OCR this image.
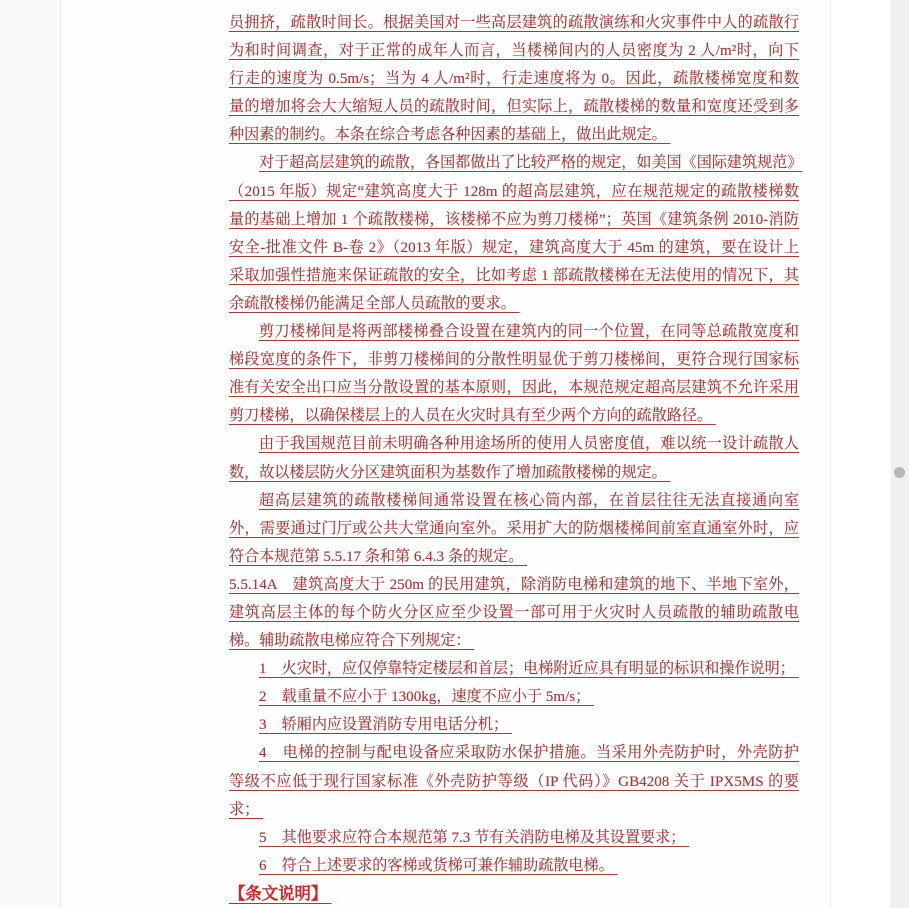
员拥挤，疏散时间长。根据美国对一些高层建筑的疏散演练和火灾事件中人的疏散行
为和时间调查，对于正常的成年人而言，当楼梯间内的人员密度为 2 人/m²时，向下
行走的速度为 0.5m/s；当为 4 人/m²时，行走速度将为 0。因此，疏散楼梯宽度和数
量的增加将会大大缩短人员的疏散时间，但实际上，疏散楼梯的数量和宽度还受到多
种因素的制约。本条在综合考虑各种因素的基础上，做出此规定。
对于超高层建筑的疏散，各国都做出了比较严格的规定，如美国《国际建筑规范》
（2015 年版）规定“建筑高度大于 128m 的超高层建筑，应在规范规定的疏散楼梯数
量的基础上增加 1 个疏散楼梯，该楼梯不应为剪刀楼梯”；英国《建筑条例 2010-消防
安全-批准文件 B-卷 2》（2013 年版）规定，建筑高度大于 45m 的建筑，要在设计上
采取加强性措施来保证疏散的安全，比如考虑 1 部疏散楼梯在无法使用的情况下，其
余疏散楼梯仍能满足全部人员疏散的要求。
剪刀楼梯间是将两部楼梯叠合设置在建筑内的同一个位置，在同等总疏散宽度和
梯段宽度的条件下，非剪刀楼梯间的分散性明显优于剪刀楼梯间，更符合现行国家标
准有关安全出口应当分散设置的基本原则，因此，本规范规定超高层建筑不允许采用
剪刀楼梯，以确保楼层上的人员在火灾时具有至少两个方向的疏散路径。
由于我国规范目前未明确各种用途场所的使用人员密度值，难以统一设计疏散人
数，故以楼层防火分区建筑面积为基数作了增加疏散楼梯的规定。
超高层建筑的疏散楼梯间通常设置在核心筒内部，在首层往往无法直接通向室
外，需要通过门厅或公共大堂通向室外。采用扩大的防烟楼梯间前室直通室外时，应
符合本规范第 5.5.17 条和第 6.4.3 条的规定。
5.5.14A　建筑高度大于 250m 的民用建筑，除消防电梯和建筑的地下、半地下室外，
建筑高层主体的每个防火分区应至少设置一部可用于火灾时人员疏散的辅助疏散电
梯。辅助疏散电梯应符合下列规定：
1　火灾时，应仅停靠特定楼层和首层；电梯附近应具有明显的标识和操作说明；
2　载重量不应小于 1300kg，速度不应小于 5m/s；
3　轿厢内应设置消防专用电话分机；
4　电梯的控制与配电设备应采取防水保护措施。当采用外壳防护时，外壳防护
等级不应低于现行国家标准《外壳防护等级（IP 代码）》GB4208 关于 IPX5MS 的要
求；
5　其他要求应符合本规范第 7.3 节有关消防电梯及其设置要求；
6　符合上述要求的客梯或货梯可兼作辅助疏散电梯。
【条文说明】
